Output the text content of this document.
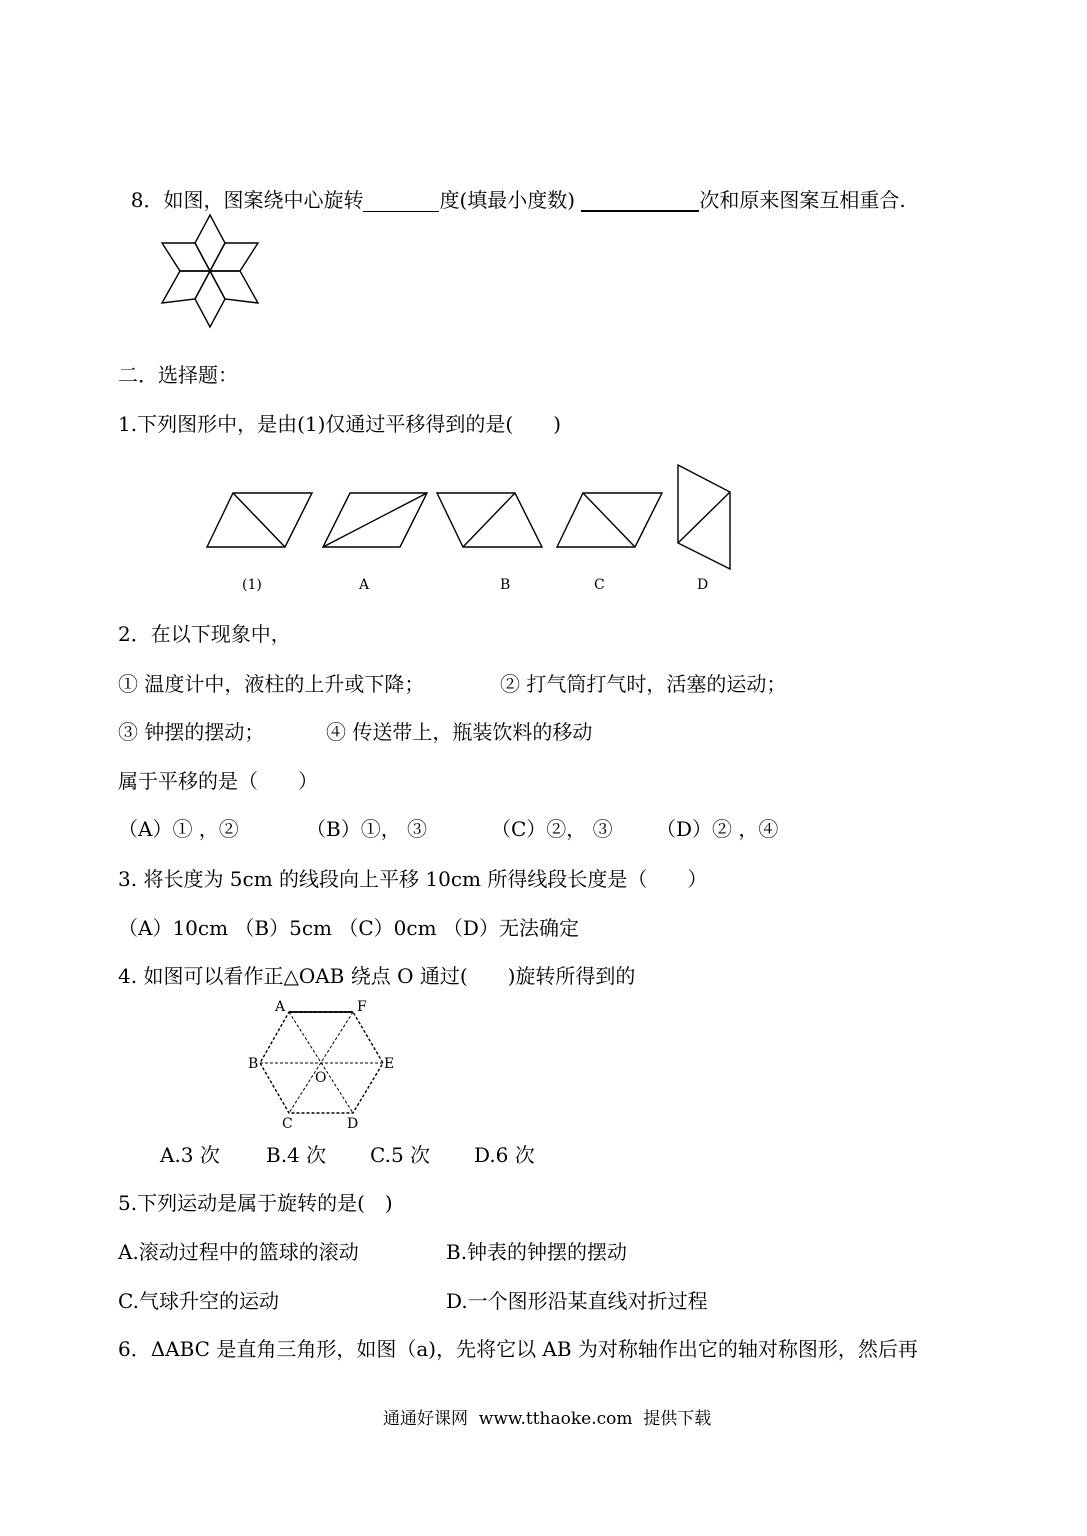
8．如图，图案绕中心旋转	度(填最小度数)	次和原来图案互相重合.

二．选择题：
1.下列图形中，是由(1)仅通过平移得到的是(　　)
(1)	A	B	C	D
2．在以下现象中，
① 温度计中，液柱的上升或下降；	② 打气筒打气时，活塞的运动；
③ 钟摆的摆动；	④ 传送带上，瓶装饮料的移动
属于平移的是（　　）
（A）① ，②	（B）①， ③	（C）②， ③ （D）② ，④
3. 将长度为 5cm 的线段向上平移 10cm 所得线段长度是（　　）
（A）10cm （B）5cm （C）0cm （D）无法确定
4. 如图可以看作正△OAB 绕点 O 通过(　　)旋转所得到的
A	F
B	E
O
C	D
A.3 次 B.4 次 C.5 次 D.6 次
5.下列运动是属于旋转的是(　)
A.滚动过程中的篮球的滚动	B.钟表的钟摆的摆动
C.气球升空的运动	D.一个图形沿某直线对折过程
6．ΔABC 是直角三角形，如图（a)，先将它以 AB 为对称轴作出它的轴对称图形，然后再
通通好课网  www.tthaoke.com  提供下载
